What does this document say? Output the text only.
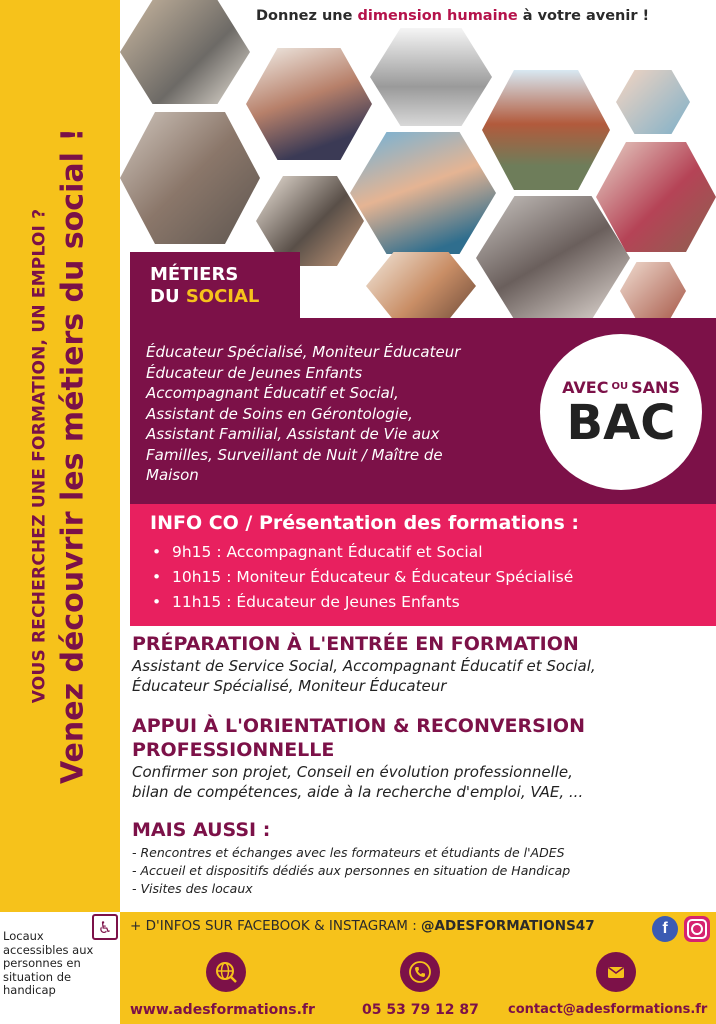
VOUS RECHERCHEZ UNE FORMATION, UN EMPLOI ? Venez découvrir les métiers du social !
Donnez une dimension humaine à votre avenir !
MÉTIERS
DU SOCIAL
Éducateur Spécialisé, Moniteur Éducateur
Éducateur de Jeunes Enfants
Accompagnant Éducatif et Social,
Assistant de Soins en Gérontologie,
Assistant Familial, Assistant de Vie aux
Familles, Surveillant de Nuit / Maître de
Maison
AVEC $^{OU}$ SANS
BAC
INFO CO / Présentation des formations :
• 9h15 : Accompagnant Éducatif et Social
• 10h15 : Moniteur Éducateur & Éducateur Spécialisé
• 11h15 : Éducateur de Jeunes Enfants
PRÉPARATION À L'ENTRÉE EN FORMATION
Assistant de Service Social, Accompagnant Éducatif et Social,
Éducateur Spécialisé, Moniteur Éducateur
APPUI À L'ORIENTATION & RECONVERSION
PROFESSIONNELLE
Confirmer son projet, Conseil en évolution professionnelle,
bilan de compétences, aide à la recherche d'emploi, VAE, ...
MAIS AUSSI :
- Rencontres et échanges avec les formateurs et étudiants de l'ADES
- Accueil et dispositifs dédiés aux personnes en situation de Handicap
- Visites des locaux
Locaux accessibles aux personnes en situation de handicap
♿	+ D'INFOS SUR FACEBOOK & INSTAGRAM : @ADESFORMATIONS47	f
www.adesformations.fr	05 53 79 12 87 contact@adesformations.fr
